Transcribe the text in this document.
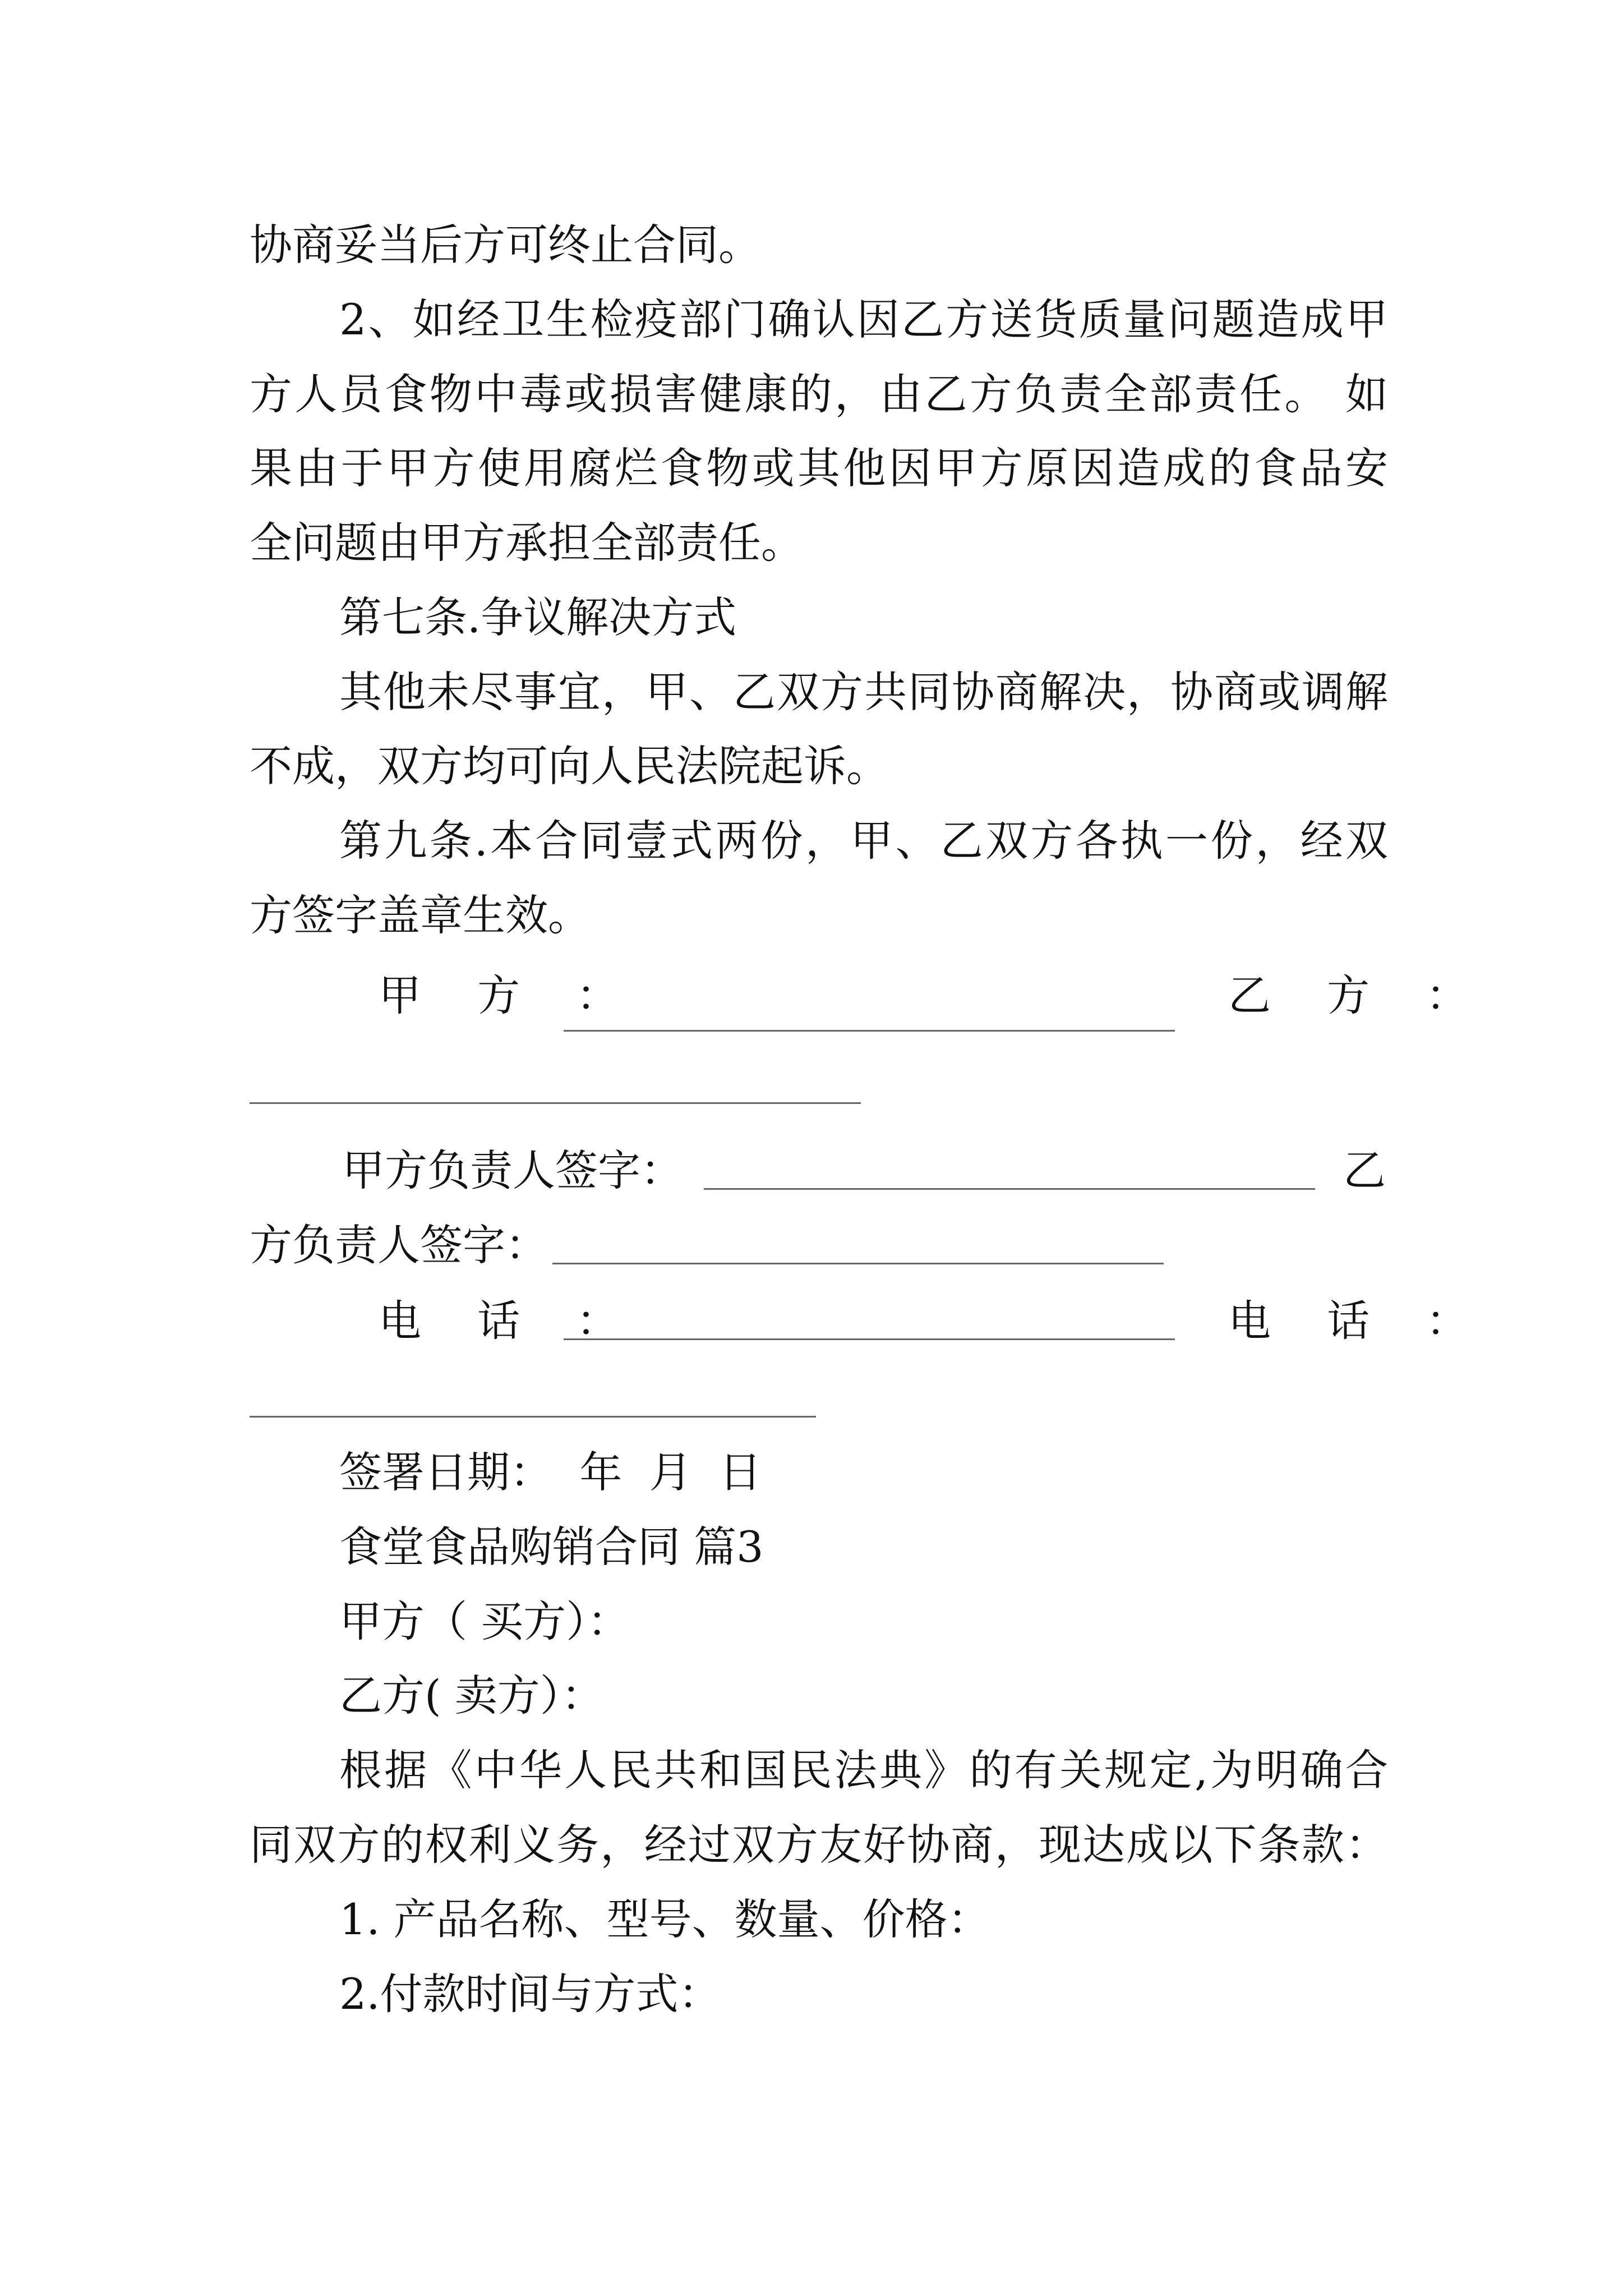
协商妥当后方可终止合同。
2、如经卫生检疫部门确认因乙方送货质量问题造成甲
方人员食物中毒或损害健康的，由乙方负责全部责任。 如
果由于甲方使用腐烂食物或其他因甲方原因造成的食品安
全问题由甲方承担全部责任。
第七条.争议解决方式
其他未尽事宜，甲、乙双方共同协商解决，协商或调解
不成，双方均可向人民法院起诉。
第九条.本合同壹式两份，甲、乙双方各执一份，经双
方签字盖章生效。
甲 方 ：	乙 方 ：
甲方负责人签字：	乙
方负责人签字：
电 话 ：	电 话 ：
签署日期：  年  月  日
食堂食品购销合同 篇3
甲方（ 买方）：
乙方( 卖方）：
根据《中华人民共和国民法典》的有关规定,为明确合
同双方的权利义务，经过双方友好协商，现达成以下条款：
1. 产品名称、型号、数量、价格：
2.付款时间与方式：
